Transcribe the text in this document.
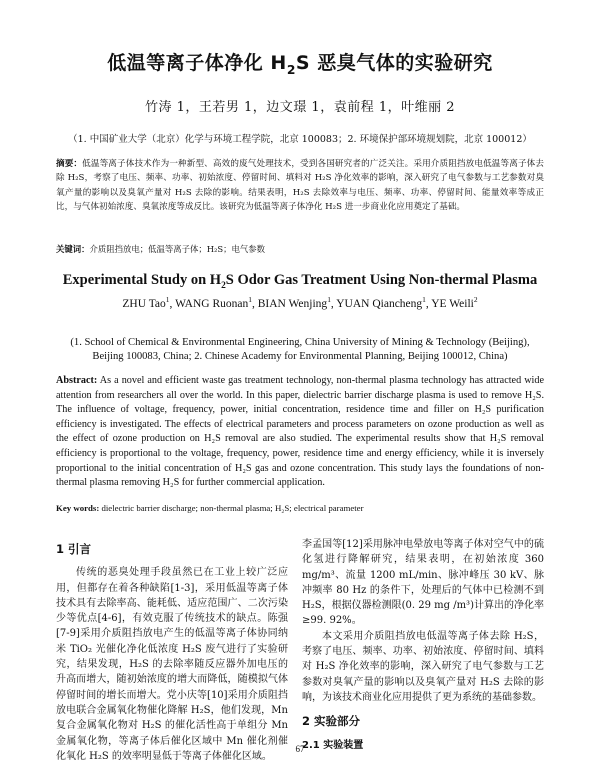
低温等离子体净化 $H_2S$ 恶臭气体的实验研究
竹涛 1，王若男 1，边文璟 1，袁前程 1，叶维丽 2
（1. 中国矿业大学（北京）化学与环境工程学院，北京 100083；2. 环境保护部环境规划院，北京 100012）
摘要：低温等离子体技术作为一种新型、高效的废气处理技术，受到各国研究者的广泛关注。采用介质阻挡放电低温等离子体去除 H₂S，考察了电压、频率、功率、初始浓度、停留时间、填料对 H₂S 净化效率的影响，深入研究了电气参数与工艺参数对臭氧产量的影响以及臭氧产量对 H₂S 去除的影响。结果表明，H₂S 去除效率与电压、频率、功率、停留时间、能量效率等成正比，与气体初始浓度、臭氧浓度等成反比。该研究为低温等离子体净化 H₂S 进一步商业化应用奠定了基础。
关键词：介质阻挡放电；低温等离子体；H₂S；电气参数
Experimental Study on $H_2S$ Odor Gas Treatment Using Non-thermal Plasma
ZHU Tao$^1$, WANG Ruonan$^1$, BIAN Wenjing$^1$, YUAN Qiancheng$^1$, YE Weili$^2$
(1. School of Chemical & Environmental Engineering, China University of Mining & Technology (Beijing), Beijing 100083, China; 2. Chinese Academy for Environmental Planning, Beijing 100012, China)
Abstract: As a novel and efficient waste gas treatment technology, non-thermal plasma technology has attracted wide attention from researchers all over the world. In this paper, dielectric barrier discharge plasma is used to remove H₂S. The influence of voltage, frequency, power, initial concentration, residence time and filler on H₂S purification efficiency is investigated. The effects of electrical parameters and process parameters on ozone production as well as the effect of ozone production on H₂S removal are also studied. The experimental results show that H₂S removal efficiency is proportional to the voltage, frequency, power, residence time and energy efficiency, while it is inversely proportional to the initial concentration of H₂S gas and ozone concentration. This study lays the foundations of non-thermal plasma removing H₂S for further commercial application.
Key words: dielectric barrier discharge; non-thermal plasma; H₂S; electrical parameter
1 引言

传统的恶臭处理手段虽然已在工业上较广泛应用，但都存在着各种缺陷[1-3]，采用低温等离子体技术具有去除率高、能耗低、适应范围广、二次污染少等优点[4-6]，有效克服了传统技术的缺点。陈强[7-9]采用介质阻挡放电产生的低温等离子体协同纳米 TiO₂ 光催化净化低浓度 H₂S 废气进行了实验研究，结果发现，H₂S 的去除率随反应器外加电压的升高而增大，随初始浓度的增大而降低，随模拟气体停留时间的增长而增大。党小庆等[10]采用介质阻挡放电联合金属氧化物催化降解 H₂S，他们发现，Mn 复合金属氧化物对 H₂S 的催化活性高于单组分 Mn 金属氧化物，等离子体后催化区域中 Mn 催化剂催化氧化 H₂S 的效率明显低于等离子体催化区域。

李孟国等[12]采用脉冲电晕放电等离子体对空气中的硫化氢进行降解研究，结果表明，在初始浓度 360 mg/m³、流量 1200 mL/min、脉冲峰压 30 kV、脉冲频率 80 Hz 的条件下，处理后的气体中已检测不到 H₂S，根据仪器检测限(0. 29 mg /m³)计算出的净化率≥99. 92%。

本文采用介质阻挡放电低温等离子体去除 H₂S，考察了电压、频率、功率、初始浓度、停留时间、填料对 H₂S 净化效率的影响，深入研究了电气参数与工艺参数对臭氧产量的影响以及臭氧产量对 H₂S 去除的影响，为该技术商业化应用提供了更为系统的基础参数。

2 实验部分
2.1 实验装置
67
